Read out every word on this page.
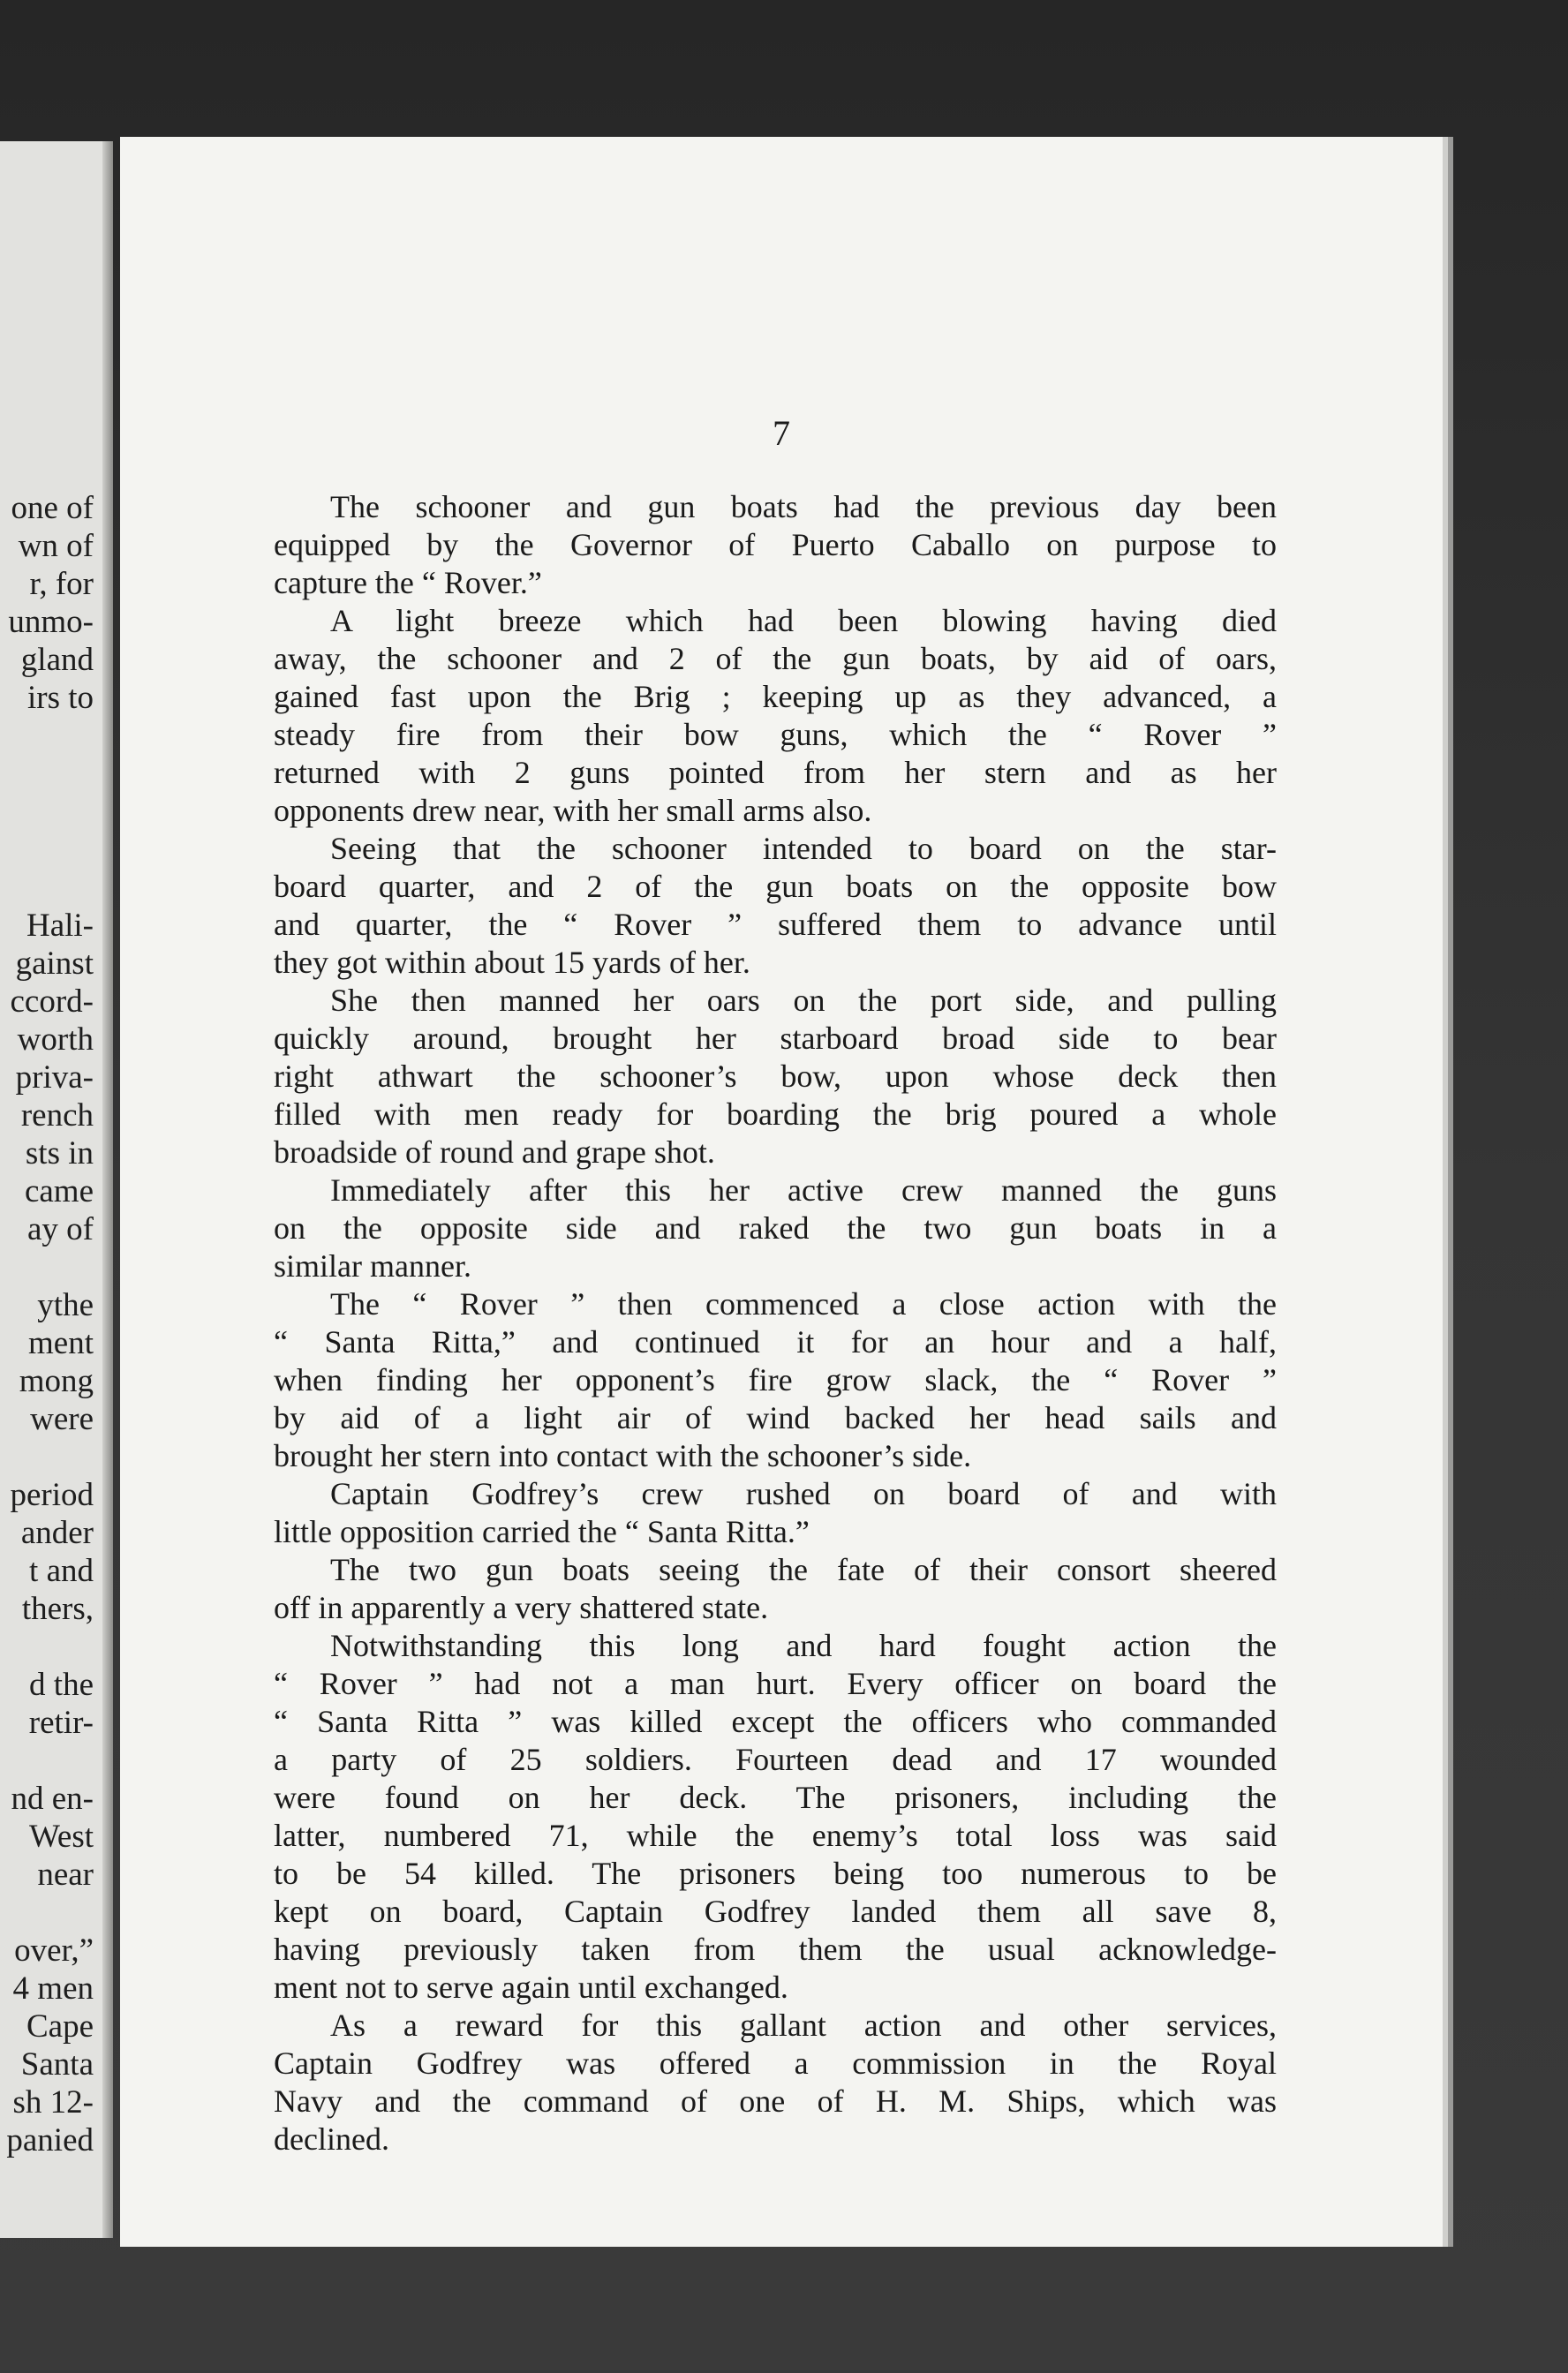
one of
wn of
r, for
unmo-
gland
irs to
Hali-
gainst
ccord-
worth
priva-
rench
sts in
came
ay of
ythe
ment
mong
were
period
ander
t and
thers,
d the
retir-
nd en-
West
near
over,”
4 men
Cape
Santa
sh 12-
panied
7
The schooner and gun boats had the previous day been
equipped by the Governor of Puerto Caballo on purpose to
capture the “ Rover.”
A light breeze which had been blowing having died
away, the schooner and 2 of the gun boats, by aid of oars,
gained fast upon the Brig ; keeping up as they advanced, a
steady fire from their bow guns, which the “ Rover ”
returned with 2 guns pointed from her stern and as her
opponents drew near, with her small arms also.
Seeing that the schooner intended to board on the star-
board quarter, and 2 of the gun boats on the opposite bow
and quarter, the “ Rover ” suffered them to advance until
they got within about 15 yards of her.
She then manned her oars on the port side, and pulling
quickly around, brought her starboard broad side to bear
right athwart the schooner’s bow, upon whose deck then
filled with men ready for boarding the brig poured a whole
broadside of round and grape shot.
Immediately after this her active crew manned the guns
on the opposite side and raked the two gun boats in a
similar manner.
The “ Rover ” then commenced a close action with the
“ Santa Ritta,” and continued it for an hour and a half,
when finding her opponent’s fire grow slack, the “ Rover ”
by aid of a light air of wind backed her head sails and
brought her stern into contact with the schooner’s side.
Captain Godfrey’s crew rushed on board of and with
little opposition carried the “ Santa Ritta.”
The two gun boats seeing the fate of their consort sheered
off in apparently a very shattered state.
Notwithstanding this long and hard fought action the
“ Rover ” had not a man hurt. Every officer on board the
“ Santa Ritta ” was killed except the officers who commanded
a party of 25 soldiers. Fourteen dead and 17 wounded
were found on her deck. The prisoners, including the
latter, numbered 71, while the enemy’s total loss was said
to be 54 killed. The prisoners being too numerous to be
kept on board, Captain Godfrey landed them all save 8,
having previously taken from them the usual acknowledge-
ment not to serve again until exchanged.
As a reward for this gallant action and other services,
Captain Godfrey was offered a commission in the Royal
Navy and the command of one of H. M. Ships, which was
declined.
